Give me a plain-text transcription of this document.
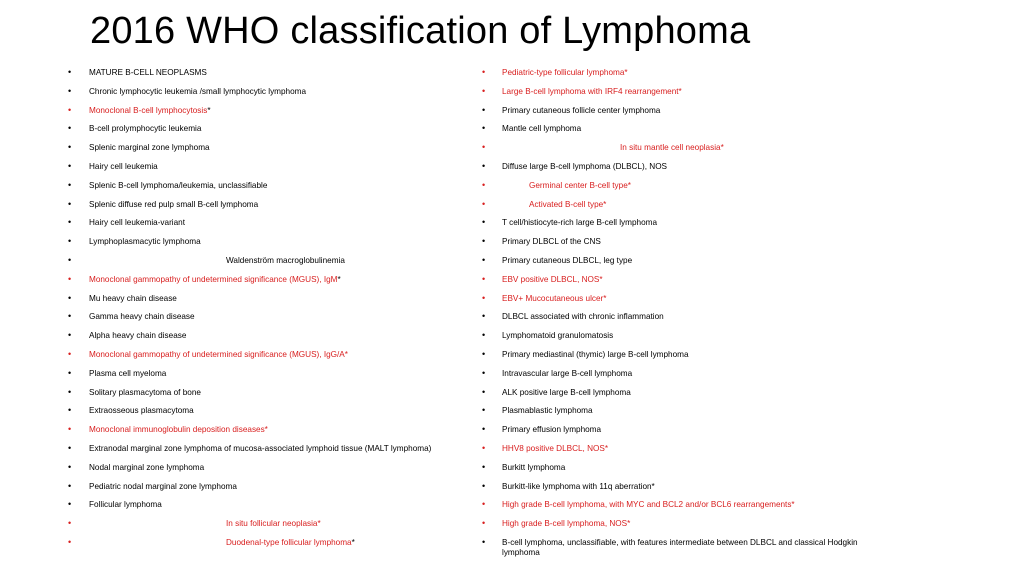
2016 WHO classification of Lymphoma
• MATURE B-CELL NEOPLASMS
• Chronic lymphocytic leukemia /small lymphocytic lymphoma
• Monoclonal B-cell lymphocytosis*
• B-cell prolymphocytic leukemia
• Splenic marginal zone lymphoma
• Hairy cell leukemia
• Splenic B-cell lymphoma/leukemia, unclassifiable
• Splenic diffuse red pulp small B-cell lymphoma
• Hairy cell leukemia-variant
• Lymphoplasmacytic lymphoma
•	Waldenström macroglobulinemia
• Monoclonal gammopathy of undetermined significance (MGUS), IgM*
• Mu heavy chain disease
• Gamma heavy chain disease
• Alpha heavy chain disease
• Monoclonal gammopathy of undetermined significance (MGUS), IgG/A*
• Plasma cell myeloma
• Solitary plasmacytoma of bone
• Extraosseous plasmacytoma
• Monoclonal immunoglobulin deposition diseases*
• Extranodal marginal zone lymphoma of mucosa-associated lymphoid tissue (MALT lymphoma)
• Nodal marginal zone lymphoma
• Pediatric nodal marginal zone lymphoma
• Follicular lymphoma
•	In situ follicular neoplasia*
•	Duodenal-type follicular lymphoma*
• Pediatric-type follicular lymphoma*
• Large B-cell lymphoma with IRF4 rearrangement*
• Primary cutaneous follicle center lymphoma
• Mantle cell lymphoma
•	In situ mantle cell neoplasia*
• Diffuse large B-cell lymphoma (DLBCL), NOS
•	Germinal center B-cell type*
•	Activated B-cell type*
• T cell/histiocyte-rich large B-cell lymphoma
• Primary DLBCL of the CNS
• Primary cutaneous DLBCL, leg type
• EBV positive DLBCL, NOS*
• EBV+ Mucocutaneous ulcer*
• DLBCL associated with chronic inflammation
• Lymphomatoid granulomatosis
• Primary mediastinal (thymic) large B-cell lymphoma
• Intravascular large B-cell lymphoma
• ALK positive large B-cell lymphoma
• Plasmablastic lymphoma
• Primary effusion lymphoma
• HHV8 positive DLBCL, NOS*
• Burkitt lymphoma
• Burkitt-like lymphoma with 11q aberration*
• High grade B-cell lymphoma, with MYC and BCL2 and/or BCL6 rearrangements*
• High grade B-cell lymphoma, NOS*
• B-cell lymphoma, unclassifiable, with features intermediate between DLBCL and classical Hodgkin lymphoma
